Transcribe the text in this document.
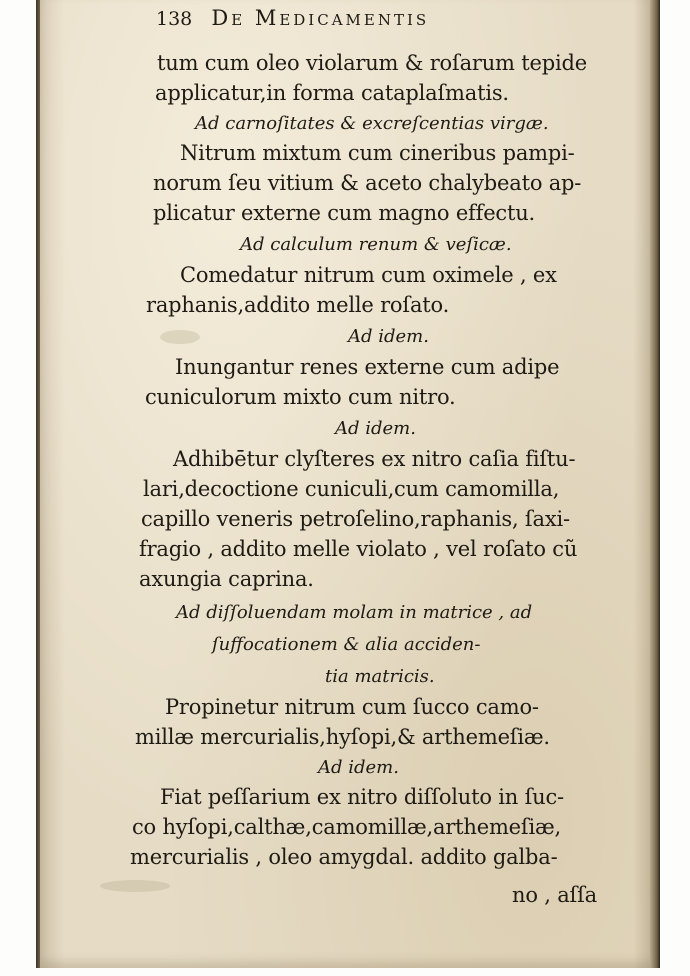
138 De Medicamentis
tum cum oleo violarum & roſarum tepide
applicatur,in forma cataplaſmatis.
Ad carnoſitates & excreſcentias virgæ.
Nitrum mixtum cum cineribus pampi-
norum ſeu vitium & aceto chalybeato ap-
plicatur externe cum magno effectu.
Ad calculum renum & veſicæ.
Comedatur nitrum cum oximele , ex
raphanis,addito melle roſato.
Ad idem.
Inungantur renes externe cum adipe
cuniculorum mixto cum nitro.
Ad idem.
Adhibētur clyſteres ex nitro caſia fiſtu-
lari,decoctione cuniculi,cum camomilla,
capillo veneris petroſelino,raphanis, ſaxi-
fragio , addito melle violato , vel roſato cũ
axungia caprina.
Ad diſſoluendam molam in matrice , ad
ſuffocationem & alia acciden-
tia matricis.
Propinetur nitrum cum ſucco camo-
millæ mercurialis,hyſopi,& arthemeſiæ.
Ad idem.
Fiat peſſarium ex nitro diſſoluto in ſuc-
co hyſopi,calthæ,camomillæ,arthemeſiæ,
mercurialis , oleo amygdal. addito galba-
no , aſſa
